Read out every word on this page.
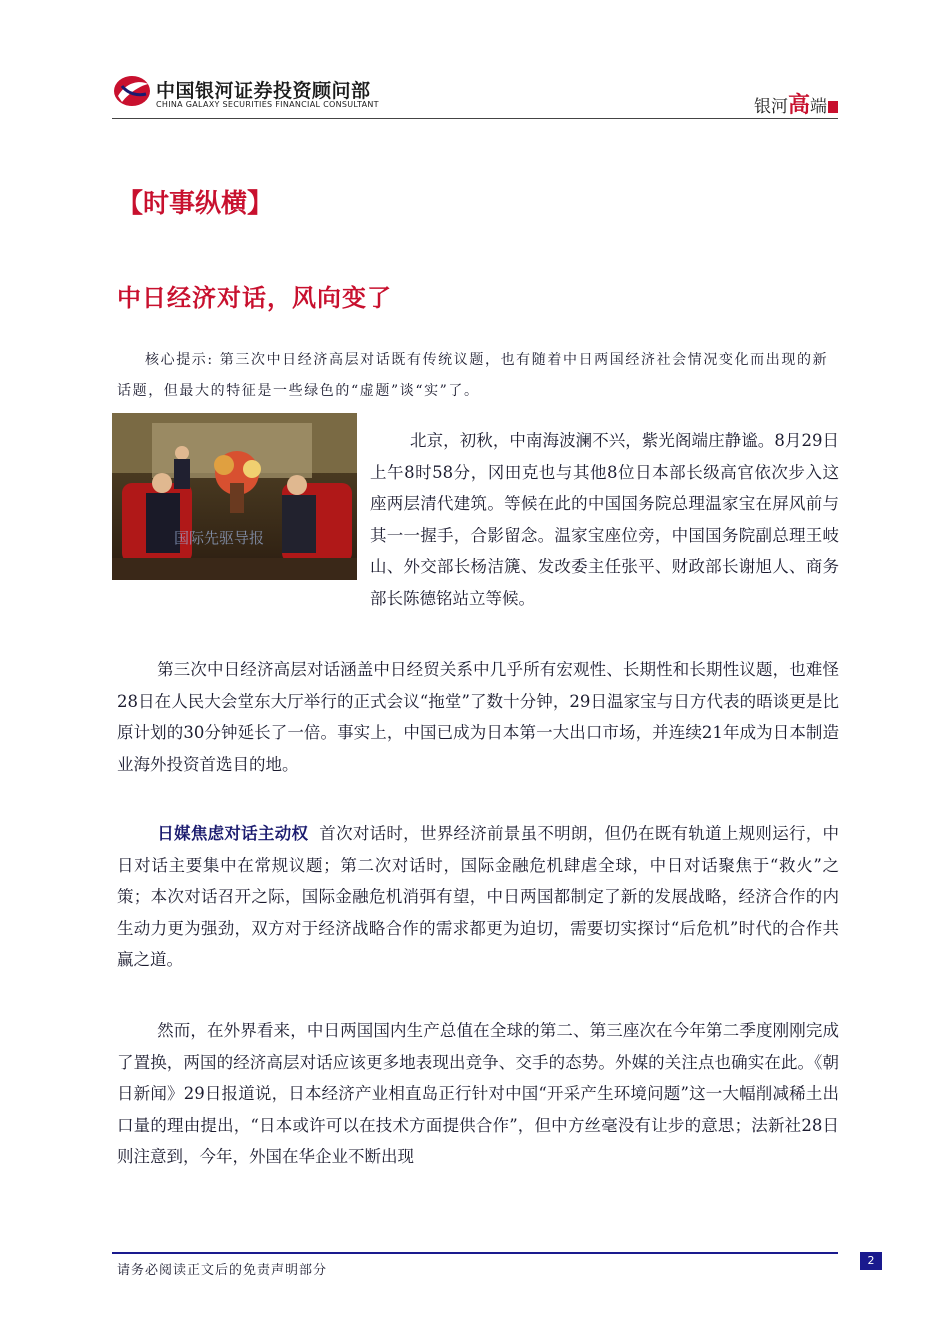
中国银河证券投资顾问部
CHINA GALAXY SECURITIES FINANCIAL CONSULTANT	银河高端
【时事纵横】
中日经济对话，风向变了
核心提示: 第三次中日经济高层对话既有传统议题，也有随着中日两国经济社会情况变化而出现的新话题，但最大的特征是一些绿色的“虚题”谈“实”了。
国际先驱导报
北京，初秋，中南海波澜不兴，紫光阁端庄静谧。8月29日上午8时58分，冈田克也与其他8位日本部长级高官依次步入这座两层清代建筑。等候在此的中国国务院总理温家宝在屏风前与其一一握手，合影留念。温家宝座位旁，中国国务院副总理王岐山、外交部长杨洁篪、发改委主任张平、财政部长谢旭人、商务部长陈德铭站立等候。
第三次中日经济高层对话涵盖中日经贸关系中几乎所有宏观性、长期性和长期性议题，也难怪28日在人民大会堂东大厅举行的正式会议“拖堂”了数十分钟，29日温家宝与日方代表的晤谈更是比原计划的30分钟延长了一倍。事实上，中国已成为日本第一大出口市场，并连续21年成为日本制造业海外投资首选目的地。
日媒焦虑对话主动权 首次对话时，世界经济前景虽不明朗，但仍在既有轨道上规则运行，中日对话主要集中在常规议题；第二次对话时，国际金融危机肆虐全球，中日对话聚焦于“救火”之策；本次对话召开之际，国际金融危机消弭有望，中日两国都制定了新的发展战略，经济合作的内生动力更为强劲，双方对于经济战略合作的需求都更为迫切，需要切实探讨“后危机”时代的合作共赢之道。
然而，在外界看来，中日两国国内生产总值在全球的第二、第三座次在今年第二季度刚刚完成了置换，两国的经济高层对话应该更多地表现出竞争、交手的态势。外媒的关注点也确实在此。《朝日新闻》29日报道说，日本经济产业相直岛正行针对中国“开采产生环境问题”这一大幅削减稀土出口量的理由提出，“日本或许可以在技术方面提供合作”，但中方丝毫没有让步的意思；法新社28日则注意到，今年，外国在华企业不断出现
请务必阅读正文后的免责声明部分
2
